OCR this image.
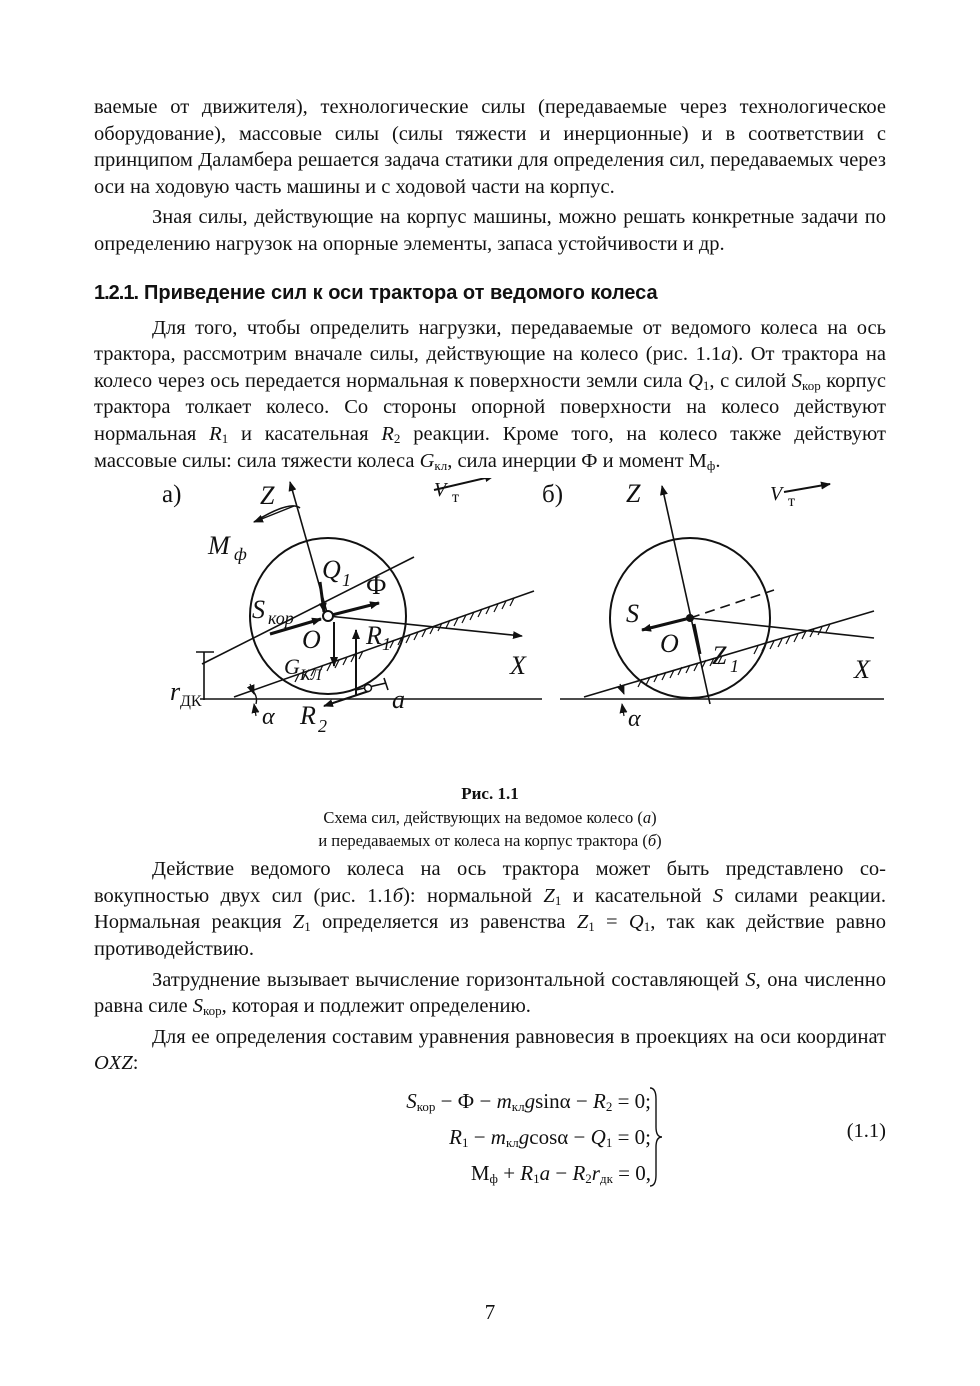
ваемые от движителя), технологические силы (передаваемые через технологическое оборудование), массовые силы (силы тяжести и инерционные) и в соответствии с принципом Даламбера решается задача статики для определения сил, передаваемых через оси на ходовую часть машины и с ходовой части на корпус.

Зная силы, действующие на корпус машины, можно решать конкретные задачи по определению нагрузок на опорные элементы, запаса устойчивости и др.

1.2.1. Приведение сил к оси трактора от ведомого колеса

Для того, чтобы определить нагрузки, передаваемые от ведомого колеса на ось трактора, рассмотрим вначале силы, действующие на колесо (рис. 1.1а). От трактора на колесо через ось передается нормальная к поверхности земли сила $Q_1$, с силой $S_{кор}$ корпус трактора толкает колесо. Со стороны опорной поверхности на колесо действуют нормальная $R_1$ и касательная $R_2$ реакции. Кроме того, на колесо также действуют массовые силы: сила тяжести колеса $G_{кл}$, сила инерции Ф и момент $М_ф$.

а)	Z	V т
M ф
Q 1 Ф
S кор
O R 1
G КЛ	X
r ДК	a
R 2
α
б) Z	V т
S
O Z 1	X
α
Рис. 1.1
Схема сил, действующих на ведомое колесо (а)
и передаваемых от колеса на корпус трактора (б)

Действие ведомого колеса на ось трактора может быть представлено совокупностью двух сил (рис. 1.1б): нормальной $Z_1$ и касательной S силами реакции. Нормальная реакция $Z_1$ определяется из равенства $Z_1 = Q_1$, так как действие равно противодействию.

Затруднение вызывает вычисление горизонтальной составляющей S, она численно равна силе $S_{кор}$, которая и подлежит определению.

Для ее определения составим уравнения равновесия в проекциях на оси координат OXZ:

$S_{кор} - Ф - m_{кл}gsin\alpha - R_2 = 0$;
$R_1 - m_{кл}gcos\alpha - Q_1 = 0$;
$М_ф + R_1a - R_2r_{дк} = 0$,
(1.1)
7
